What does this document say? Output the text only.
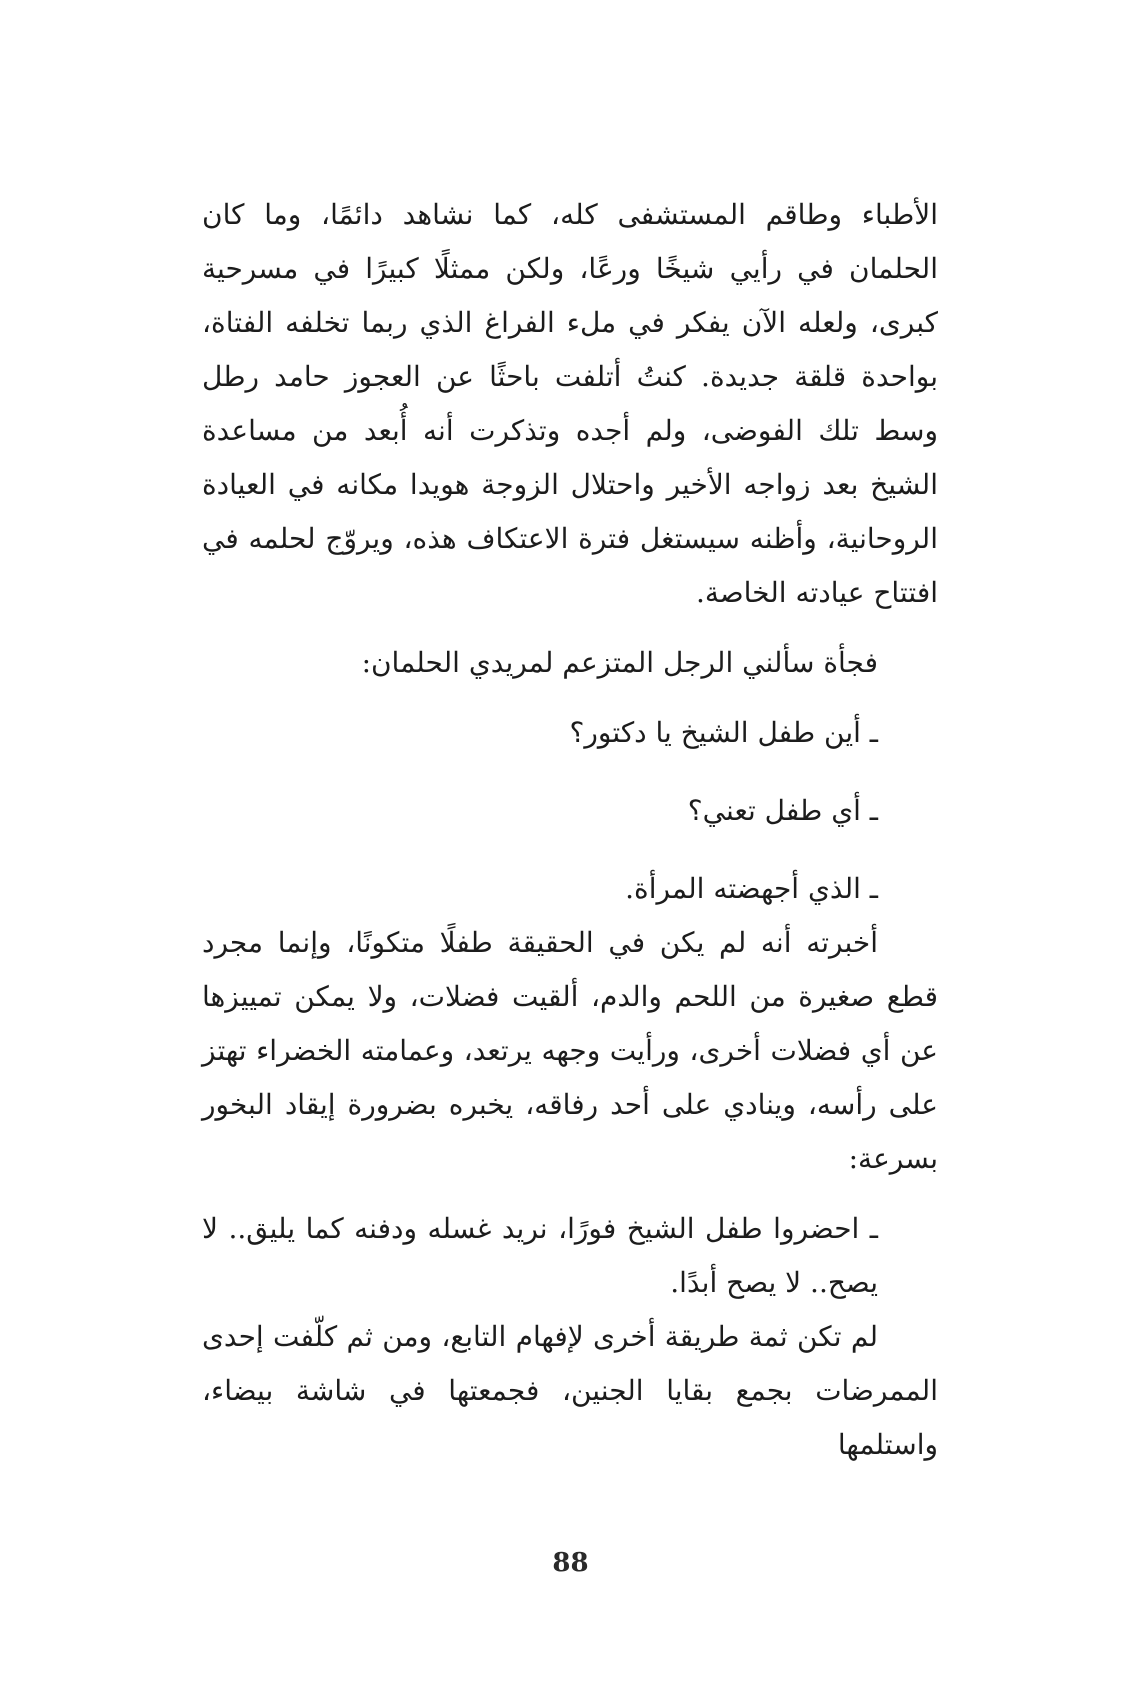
الأطباء وطاقم المستشفى كله، كما نشاهد دائمًا، وما كان الحلمان في رأيي شيخًا ورعًا، ولكن ممثلًا كبيرًا في مسرحية كبرى، ولعله الآن يفكر في ملء الفراغ الذي ربما تخلفه الفتاة، بواحدة قلقة جديدة. كنتُ أتلفت باحثًا عن العجوز حامد رطل وسط تلك الفوضى، ولم أجده وتذكرت أنه أُبعد من مساعدة الشيخ بعد زواجه الأخير واحتلال الزوجة هويدا مكانه في العيادة الروحانية، وأظنه سيستغل فترة الاعتكاف هذه، ويروّج لحلمه في افتتاح عيادته الخاصة.

فجأة سألني الرجل المتزعم لمريدي الحلمان:

ـ أين طفل الشيخ يا دكتور؟

ـ أي طفل تعني؟

ـ الذي أجهضته المرأة.

أخبرته أنه لم يكن في الحقيقة طفلًا متكونًا، وإنما مجرد قطع صغيرة من اللحم والدم، ألقيت فضلات، ولا يمكن تمييزها عن أي فضلات أخرى، ورأيت وجهه يرتعد، وعمامته الخضراء تهتز على رأسه، وينادي على أحد رفاقه، يخبره بضرورة إيقاد البخور بسرعة:

ـ احضروا طفل الشيخ فورًا، نريد غسله ودفنه كما يليق.. لا يصح.. لا يصح أبدًا.

لم تكن ثمة طريقة أخرى لإفهام التابع، ومن ثم كلّفت إحدى الممرضات بجمع بقايا الجنين، فجمعتها في شاشة بيضاء، واستلمها

88
